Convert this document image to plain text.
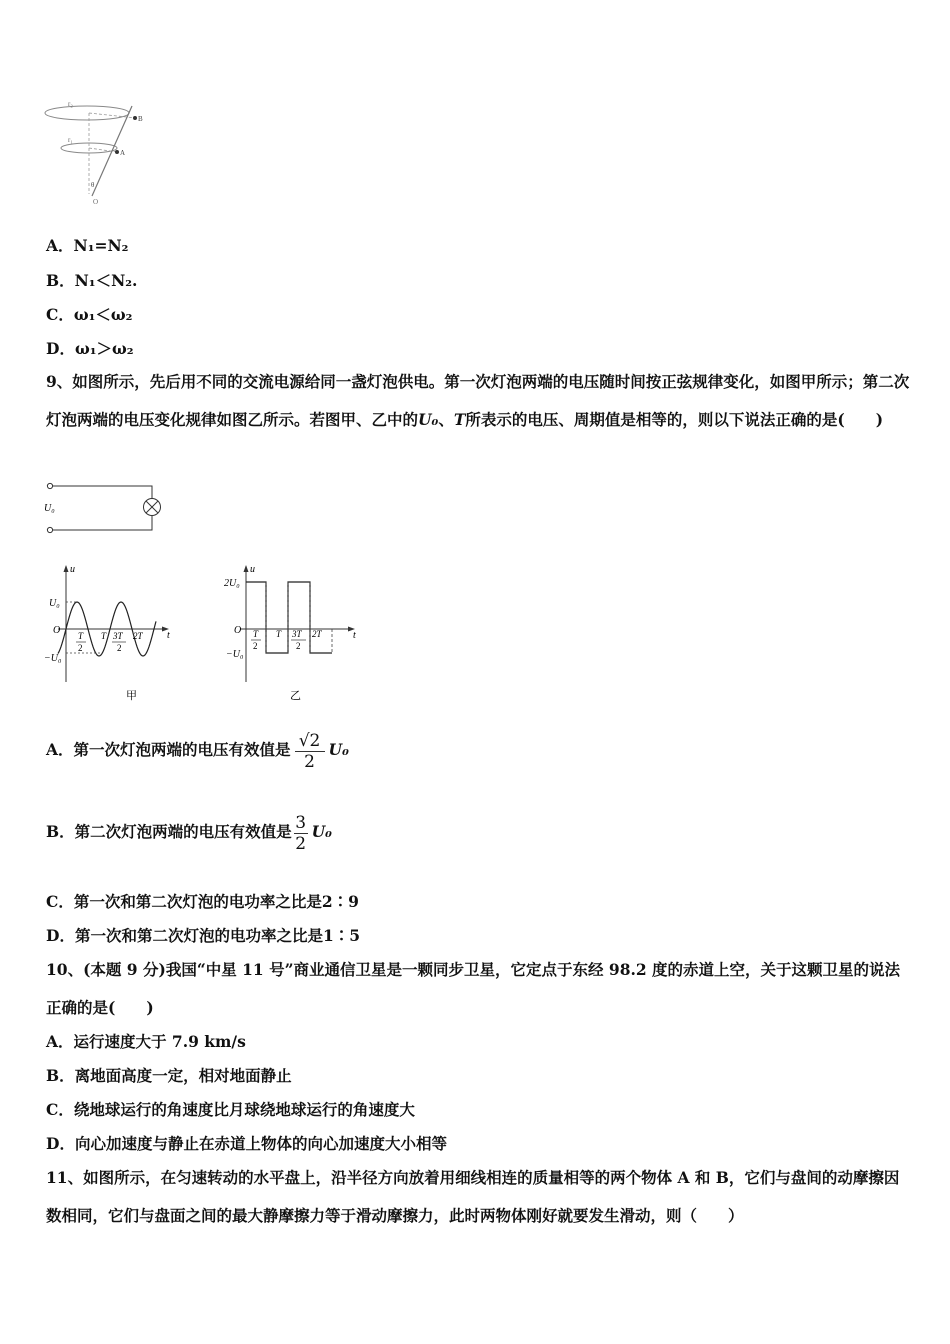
r₂
r₁
B
A
θ
O
A．N₁=N₂
B．N₁＜N₂.
C．ω₁＜ω₂
D．ω₁＞ω₂
9、如图所示，先后用不同的交流电源给同一盏灯泡供电。第一次灯泡两端的电压随时间按正弦规律变化，如图甲所示；第二次灯泡两端的电压变化规律如图乙所示。若图甲、乙中的U₀、T所表示的电压、周期值是相等的，则以下说法正确的是(　　)
U₀
u
t
O
U₀
−U₀
T
2
T 3T
2
2T
甲
u
t
O
2U₀
−U₀
T
2
T 3T
2
2T
乙
A．第一次灯泡两端的电压有效值是 $\frac{√2}{2} U_0$
B．第二次灯泡两端的电压有效值是 $\frac{3}{2} U_0$
C．第一次和第二次灯泡的电功率之比是2∶9
D．第一次和第二次灯泡的电功率之比是1∶5
10、(本题 9 分)我国“中星 11 号”商业通信卫星是一颗同步卫星，它定点于东经 98.2 度的赤道上空，关于这颗卫星的说法正确的是(　　)
A．运行速度大于 7.9 km/s
B．离地面高度一定，相对地面静止
C．绕地球运行的角速度比月球绕地球运行的角速度大
D．向心加速度与静止在赤道上物体的向心加速度大小相等
11、如图所示，在匀速转动的水平盘上，沿半径方向放着用细线相连的质量相等的两个物体 A 和 B，它们与盘间的动摩擦因数相同，它们与盘面之间的最大静摩擦力等于滑动摩擦力，此时两物体刚好就要发生滑动，则（　　）
